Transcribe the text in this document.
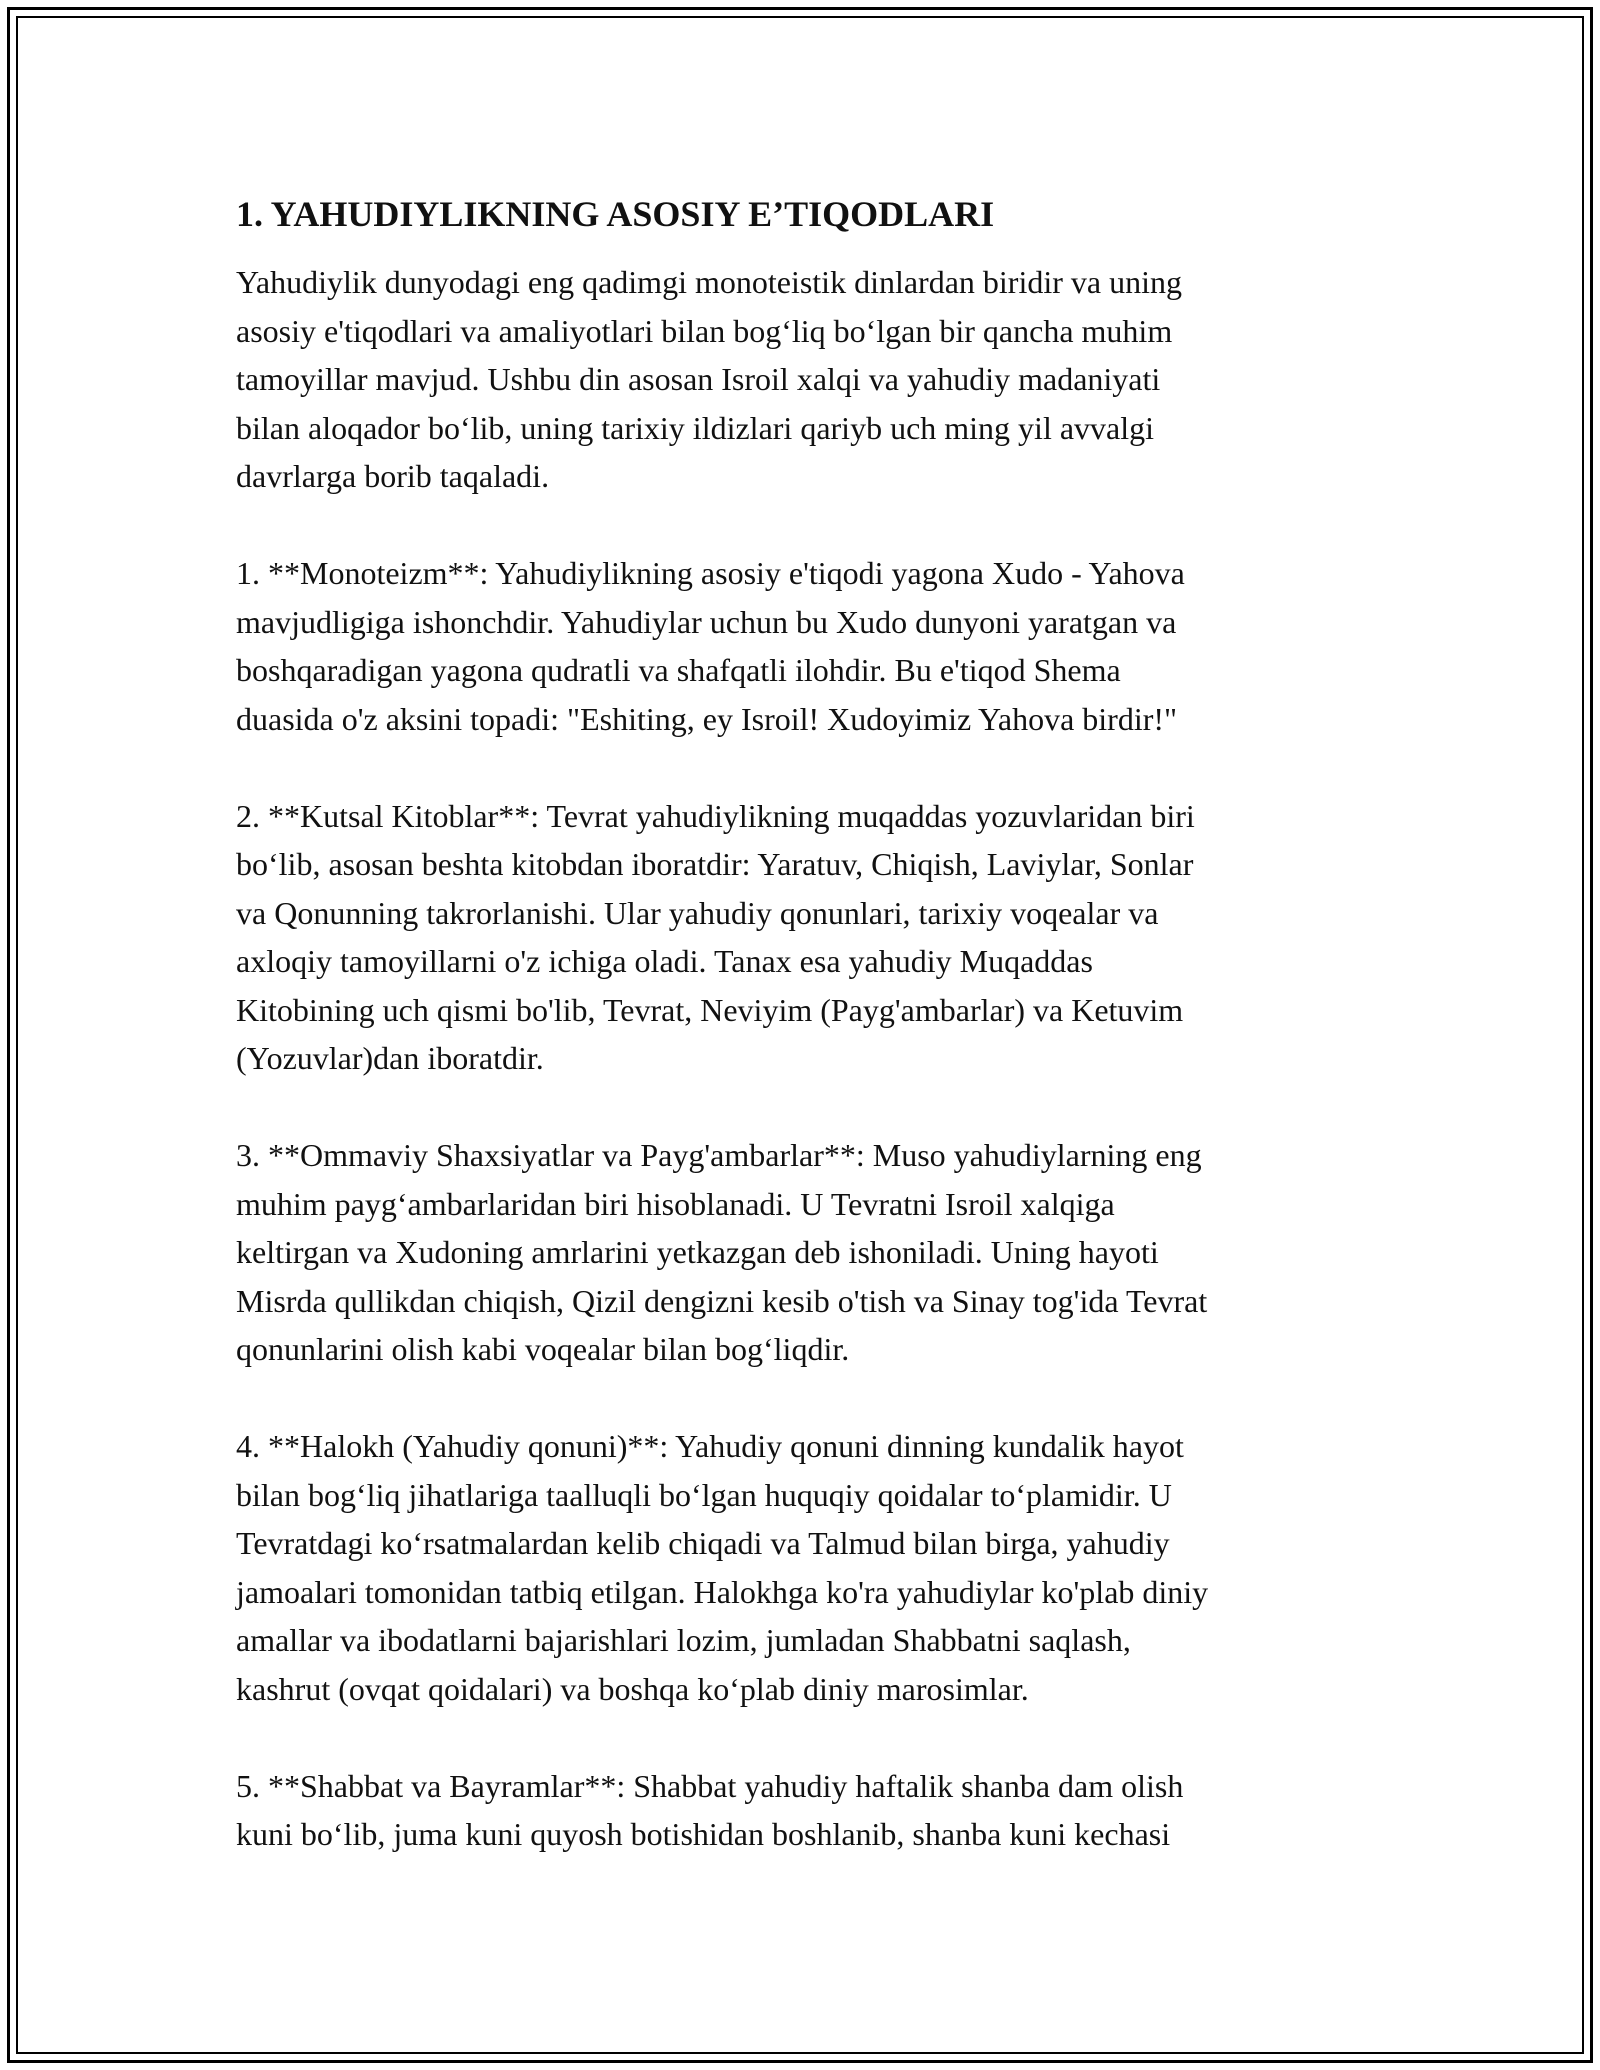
1. YAHUDIYLIKNING ASOSIY E’TIQODLARI

Yahudiylik dunyodagi eng qadimgi monoteistik dinlardan biridir va uning
asosiy e'tiqodlari va amaliyotlari bilan bog‘liq bo‘lgan bir qancha muhim
tamoyillar mavjud. Ushbu din asosan Isroil xalqi va yahudiy madaniyati
bilan aloqador bo‘lib, uning tarixiy ildizlari qariyb uch ming yil avvalgi
davrlarga borib taqaladi.

1. **Monoteizm**: Yahudiylikning asosiy e'tiqodi yagona Xudo - Yahova
mavjudligiga ishonchdir. Yahudiylar uchun bu Xudo dunyoni yaratgan va
boshqaradigan yagona qudratli va shafqatli ilohdir. Bu e'tiqod Shema
duasida o'z aksini topadi: "Eshiting, ey Isroil! Xudoyimiz Yahova birdir!"

2. **Kutsal Kitoblar**: Tevrat yahudiylikning muqaddas yozuvlaridan biri
bo‘lib, asosan beshta kitobdan iboratdir: Yaratuv, Chiqish, Laviylar, Sonlar
va Qonunning takrorlanishi. Ular yahudiy qonunlari, tarixiy voqealar va
axloqiy tamoyillarni o'z ichiga oladi. Tanax esa yahudiy Muqaddas
Kitobining uch qismi bo'lib, Tevrat, Neviyim (Payg'ambarlar) va Ketuvim
(Yozuvlar)dan iboratdir.

3. **Ommaviy Shaxsiyatlar va Payg'ambarlar**: Muso yahudiylarning eng
muhim payg‘ambarlaridan biri hisoblanadi. U Tevratni Isroil xalqiga
keltirgan va Xudoning amrlarini yetkazgan deb ishoniladi. Uning hayoti
Misrda qullikdan chiqish, Qizil dengizni kesib o'tish va Sinay tog'ida Tevrat
qonunlarini olish kabi voqealar bilan bog‘liqdir.

4. **Halokh (Yahudiy qonuni)**: Yahudiy qonuni dinning kundalik hayot
bilan bog‘liq jihatlariga taalluqli bo‘lgan huquqiy qoidalar to‘plamidir. U
Tevratdagi ko‘rsatmalardan kelib chiqadi va Talmud bilan birga, yahudiy
jamoalari tomonidan tatbiq etilgan. Halokhga ko'ra yahudiylar ko'plab diniy
amallar va ibodatlarni bajarishlari lozim, jumladan Shabbatni saqlash,
kashrut (ovqat qoidalari) va boshqa ko‘plab diniy marosimlar.

5. **Shabbat va Bayramlar**: Shabbat yahudiy haftalik shanba dam olish
kuni bo‘lib, juma kuni quyosh botishidan boshlanib, shanba kuni kechasi
